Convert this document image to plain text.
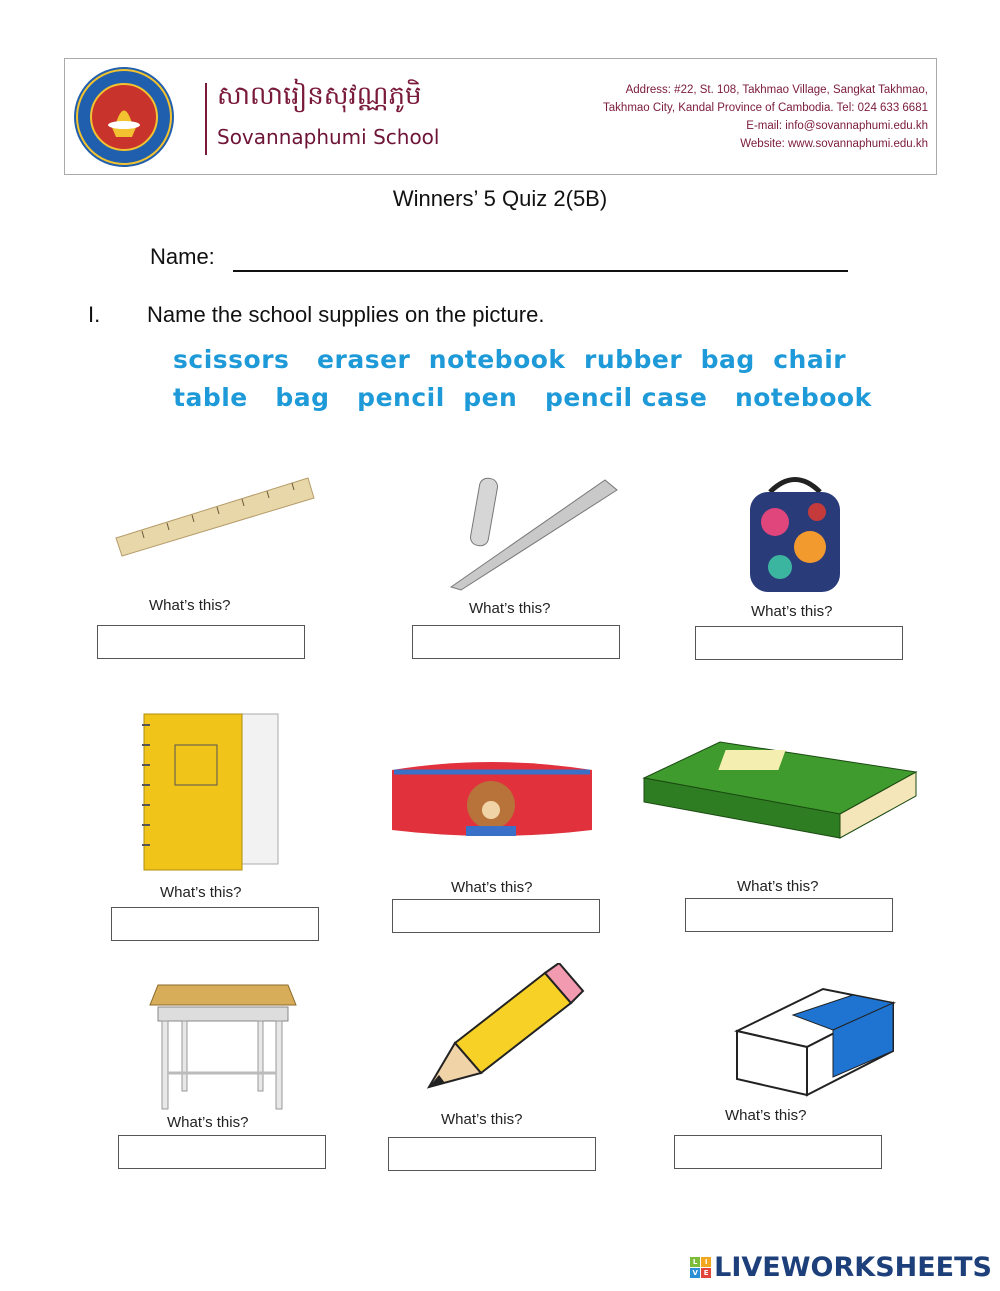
សាលារៀនសុវណ្ណភូមិ
Sovannaphumi School
Address: #22, St. 108, Takhmao Village, Sangkat Takhmao,
Takhmao City, Kandal Province of Cambodia. Tel: 024 633 6681
E-mail: info@sovannaphumi.edu.kh
Website: www.sovannaphumi.edu.kh
Winners’ 5 Quiz 2(5B)
Name:
I. Name the school supplies on the picture.
scissors eraser notebook rubber bag chair
table bag pencil pen pencil case notebook
What’s this?	What’s this?	What’s this?
What’s this?	What’s this?	What’s this?
What’s this?	What’s this?	What’s this?
L	I
V E LIVEWORKSHEETS
